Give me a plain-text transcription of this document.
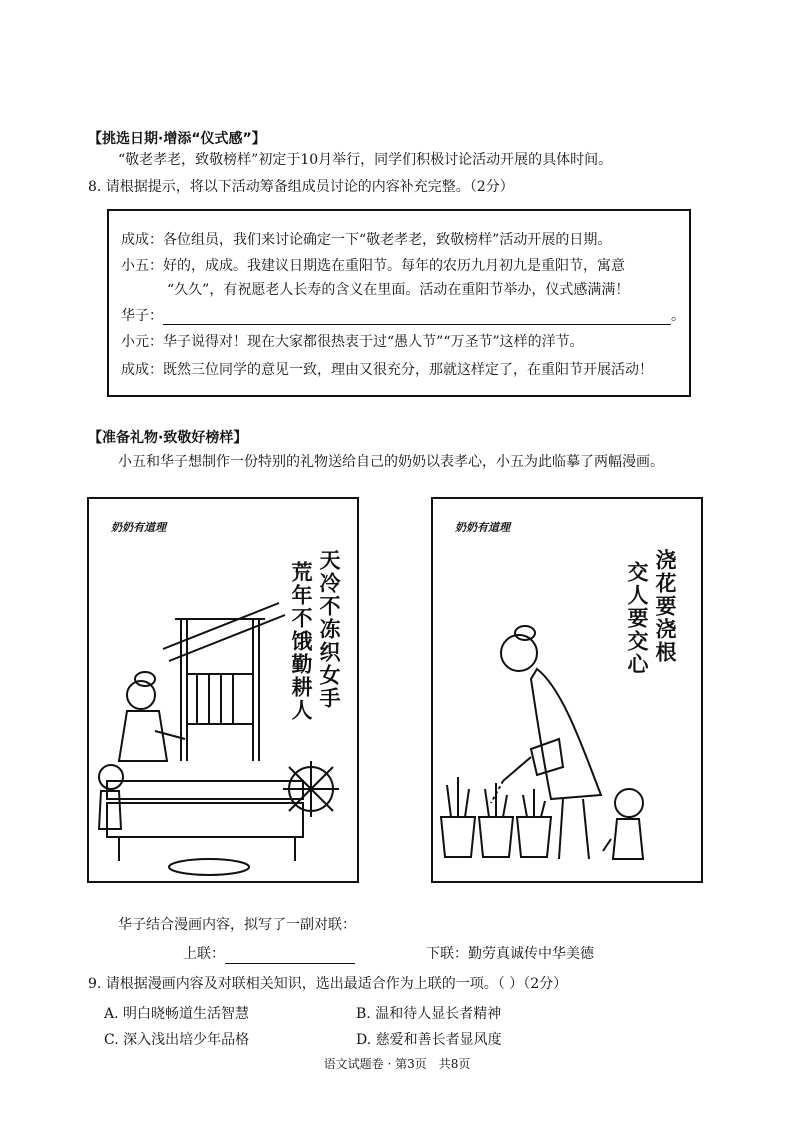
【挑选日期·增添“仪式感”】
“敬老孝老，致敬榜样”初定于10月举行，同学们积极讨论活动开展的具体时间。
8. 请根据提示，将以下活动筹备组成员讨论的内容补充完整。（2分）
成成：各位组员，我们来讨论确定一下“敬老孝老，致敬榜样”活动开展的日期。
小五：好的，成成。我建议日期选在重阳节。每年的农历九月初九是重阳节，寓意
“久久”，有祝愿老人长寿的含义在里面。活动在重阳节举办，仪式感满满！
华子：	。
小元：华子说得对！现在大家都很热衷于过“愚人节”“万圣节”这样的洋节。
成成：既然三位同学的意见一致，理由又很充分，那就这样定了，在重阳节开展活动！
【准备礼物·致敬好榜样】
小五和华子想制作一份特别的礼物送给自己的奶奶以表孝心，小五为此临摹了两幅漫画。
奶奶有道理
天冷不冻织女手
荒年不饿勤耕人
奶奶有道理
浇花要浇根
交人要交心
华子结合漫画内容，拟写了一副对联：
上联：	下联：勤劳真诚传中华美德
9. 请根据漫画内容及对联相关知识，选出最适合作为上联的一项。（ ）（2分）
A. 明白晓畅道生活智慧	B. 温和待人显长者精神
C. 深入浅出培少年品格	D. 慈爱和善长者显风度
语文试题卷 · 第3页　共8页
